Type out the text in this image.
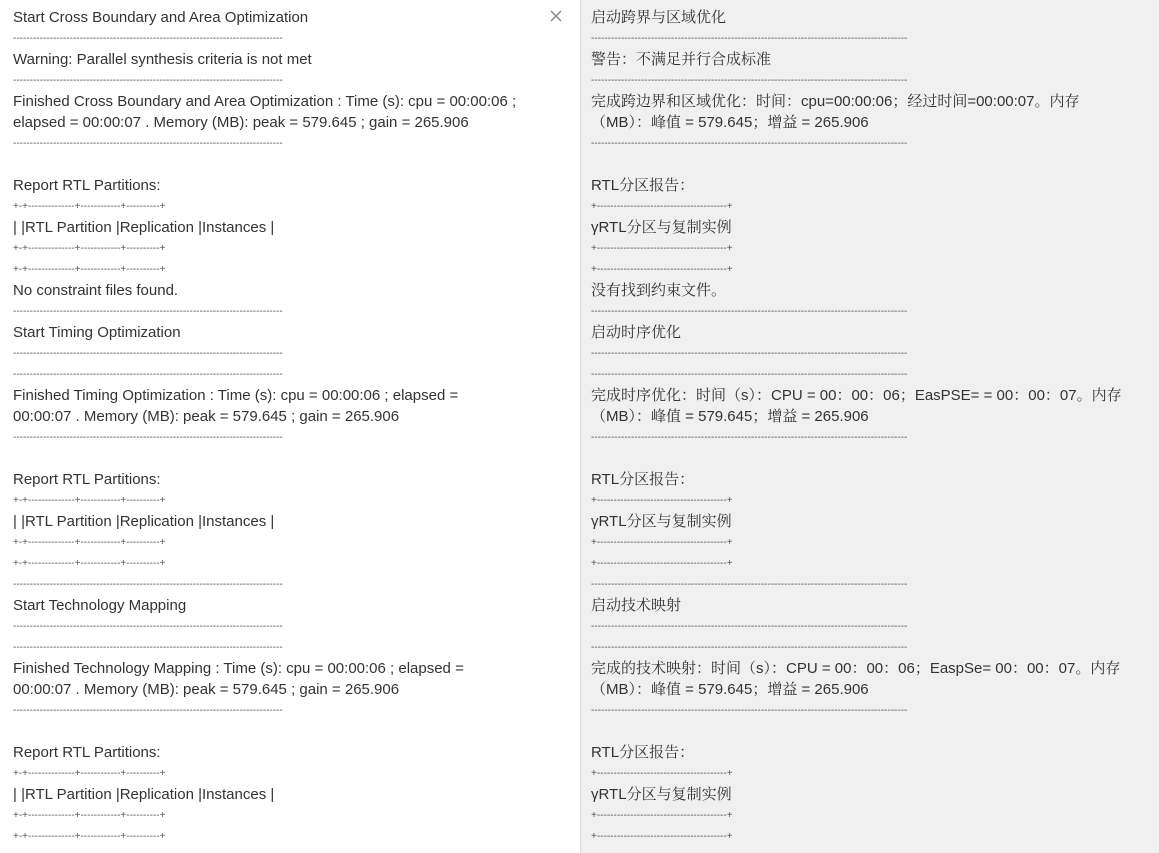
Start Cross Boundary and Area Optimization
---------------------------------------------------------------------------------
Warning: Parallel synthesis criteria is not met
---------------------------------------------------------------------------------
Finished Cross Boundary and Area Optimization : Time (s): cpu = 00:00:06 ;
elapsed = 00:00:07 . Memory (MB): peak = 579.645 ; gain = 265.906
---------------------------------------------------------------------------------
Report RTL Partitions:
+-+--------------+------------+----------+
| |RTL Partition |Replication |Instances |
+-+--------------+------------+----------+
+-+--------------+------------+----------+
No constraint files found.
---------------------------------------------------------------------------------
Start Timing Optimization
---------------------------------------------------------------------------------
---------------------------------------------------------------------------------
Finished Timing Optimization : Time (s): cpu = 00:00:06 ; elapsed =
00:00:07 . Memory (MB): peak = 579.645 ; gain = 265.906
---------------------------------------------------------------------------------
Report RTL Partitions:
+-+--------------+------------+----------+
| |RTL Partition |Replication |Instances |
+-+--------------+------------+----------+
+-+--------------+------------+----------+
---------------------------------------------------------------------------------
Start Technology Mapping
---------------------------------------------------------------------------------
---------------------------------------------------------------------------------
Finished Technology Mapping : Time (s): cpu = 00:00:06 ; elapsed =
00:00:07 . Memory (MB): peak = 579.645 ; gain = 265.906
---------------------------------------------------------------------------------
Report RTL Partitions:
+-+--------------+------------+----------+
| |RTL Partition |Replication |Instances |
+-+--------------+------------+----------+
+-+--------------+------------+----------+
启动跨界与区域优化
-----------------------------------------------------------------------------------------------
警告：不满足并行合成标准
-----------------------------------------------------------------------------------------------
完成跨边界和区域优化：时间：cpu=00:00:06；经过时间=00:00:07。内存
（MB）：峰值 = 579.645；增益 = 265.906
-----------------------------------------------------------------------------------------------
RTL分区报告：
+---------------------------------------+
γRTL分区与复制实例
+---------------------------------------+
+---------------------------------------+
没有找到约束文件。
-----------------------------------------------------------------------------------------------
启动时序优化
-----------------------------------------------------------------------------------------------
-----------------------------------------------------------------------------------------------
完成时序优化：时间（s）：CPU = 00：00：06；EasPSE= = 00：00：07。内存
（MB）：峰值 = 579.645；增益 = 265.906
-----------------------------------------------------------------------------------------------
RTL分区报告：
+---------------------------------------+
γRTL分区与复制实例
+---------------------------------------+
+---------------------------------------+
-----------------------------------------------------------------------------------------------
启动技术映射
-----------------------------------------------------------------------------------------------
-----------------------------------------------------------------------------------------------
完成的技术映射：时间（s）：CPU = 00：00：06；EaspSe= 00：00：07。内存
（MB）：峰值 = 579.645；增益 = 265.906
-----------------------------------------------------------------------------------------------
RTL分区报告：
+---------------------------------------+
γRTL分区与复制实例
+---------------------------------------+
+---------------------------------------+
